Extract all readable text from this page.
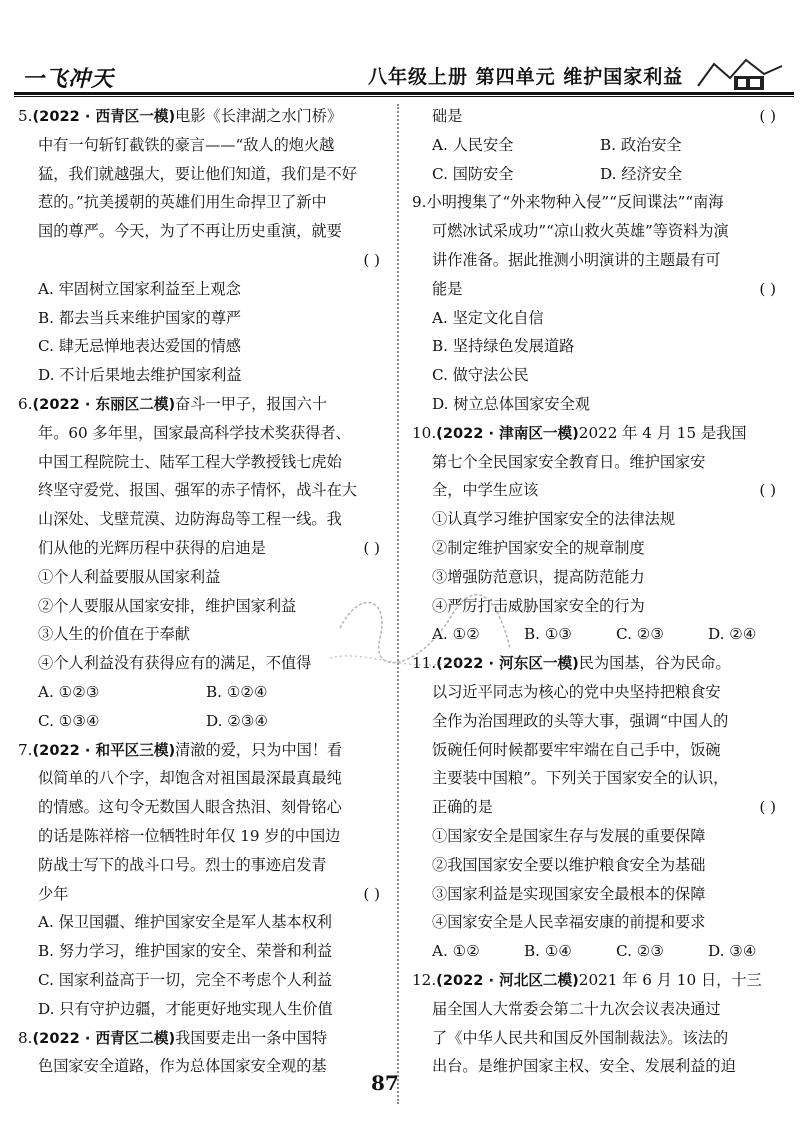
一飞冲天	八年级上册 第四单元 维护国家利益
5.(2022 · 西青区一模)电影《长津湖之水门桥》
中有一句斩钉截铁的豪言——“敌人的炮火越
猛，我们就越强大，要让他们知道，我们是不好
惹的。”抗美援朝的英雄们用生命捍卫了新中
国的尊严。今天，为了不再让历史重演，就要
( )
A. 牢固树立国家利益至上观念
B. 都去当兵来维护国家的尊严
C. 肆无忌惮地表达爱国的情感
D. 不计后果地去维护国家利益
6.(2022 · 东丽区二模)奋斗一甲子，报国六十
年。60 多年里，国家最高科学技术奖获得者、
中国工程院院士、陆军工程大学教授钱七虎始
终坚守爱党、报国、强军的赤子情怀，战斗在大
山深处、戈壁荒漠、边防海岛等工程一线。我
们从他的光辉历程中获得的启迪是	( )
①个人利益要服从国家利益
②个人要服从国家安排，维护国家利益
③人生的价值在于奉献
④个人利益没有获得应有的满足，不值得
A. ①②③	B. ①②④
C. ①③④	D. ②③④
7.(2022 · 和平区三模)清澈的爱，只为中国！看
似简单的八个字，却饱含对祖国最深最真最纯
的情感。这句令无数国人眼含热泪、刻骨铭心
的话是陈祥榕一位牺牲时年仅 19 岁的中国边
防战士写下的战斗口号。烈士的事迹启发青
少年	( )
A. 保卫国疆、维护国家安全是军人基本权利
B. 努力学习，维护国家的安全、荣誉和利益
C. 国家利益高于一切，完全不考虑个人利益
D. 只有守护边疆，才能更好地实现人生价值
8.(2022 · 西青区二模)我国要走出一条中国特
色国家安全道路，作为总体国家安全观的基
础是	( )
A. 人民安全	B. 政治安全
C. 国防安全	D. 经济安全
9.小明搜集了“外来物种入侵”“反间谍法”“南海
可燃冰试采成功”“凉山救火英雄”等资料为演
讲作准备。据此推测小明演讲的主题最有可
能是	( )
A. 坚定文化自信
B. 坚持绿色发展道路
C. 做守法公民
D. 树立总体国家安全观
10.(2022 · 津南区一模)2022 年 4 月 15 是我国
第七个全民国家安全教育日。维护国家安
全，中学生应该	( )
①认真学习维护国家安全的法律法规
②制定维护国家安全的规章制度
③增强防范意识，提高防范能力
④严厉打击威胁国家安全的行为
A. ①②	B. ①③	C. ②③	D. ②④
11.(2022 · 河东区一模)民为国基，谷为民命。
以习近平同志为核心的党中央坚持把粮食安
全作为治国理政的头等大事，强调“中国人的
饭碗任何时候都要牢牢端在自己手中，饭碗
主要装中国粮”。下列关于国家安全的认识，
正确的是	( )
①国家安全是国家生存与发展的重要保障
②我国国家安全要以维护粮食安全为基础
③国家利益是实现国家安全最根本的保障
④国家安全是人民幸福安康的前提和要求
A. ①②	B. ①④	C. ②③	D. ③④
12.(2022 · 河北区二模)2021 年 6 月 10 日，十三
届全国人大常委会第二十九次会议表决通过
了《中华人民共和国反外国制裁法》。该法的
出台。是维护国家主权、安全、发展利益的迫
87
